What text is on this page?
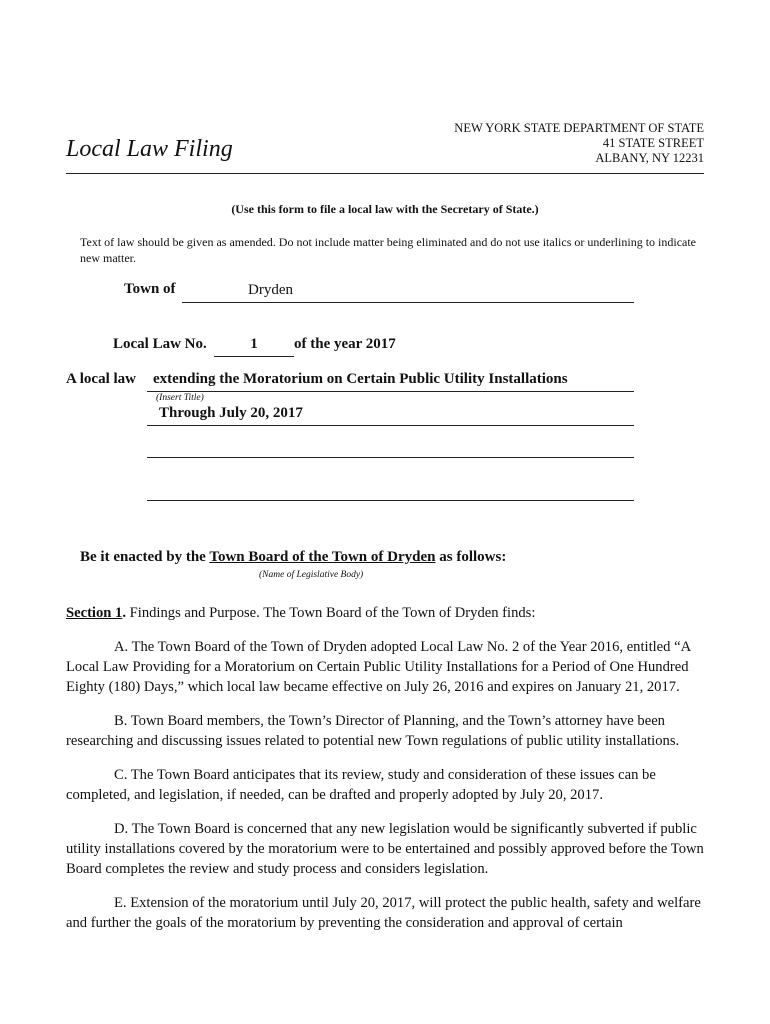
Local Law Filing
NEW YORK STATE DEPARTMENT OF STATE
41 STATE STREET
ALBANY, NY 12231
(Use this form to file a local law with the Secretary of State.)
Text of law should be given as amended. Do not include matter being eliminated and do not use italics or underlining to indicate new matter.
Town of	Dryden
Local Law No.	1	of the year 2017
A local law	extending the Moratorium on Certain Public Utility Installations
(Insert Title)
Through July 20, 2017
Be it enacted by the Town Board of the Town of Dryden as follows:
(Name of Legislative Body)

Section 1. Findings and Purpose. The Town Board of the Town of Dryden finds:

A. The Town Board of the Town of Dryden adopted Local Law No. 2 of the Year 2016, entitled “A Local Law Providing for a Moratorium on Certain Public Utility Installations for a Period of One Hundred Eighty (180) Days,” which local law became effective on July 26, 2016 and expires on January 21, 2017.

B. Town Board members, the Town’s Director of Planning, and the Town’s attorney have been researching and discussing issues related to potential new Town regulations of public utility installations.

C. The Town Board anticipates that its review, study and consideration of these issues can be completed, and legislation, if needed, can be drafted and properly adopted by July 20, 2017.

D. The Town Board is concerned that any new legislation would be significantly subverted if public utility installations covered by the moratorium were to be entertained and possibly approved before the Town Board completes the review and study process and considers legislation.

E. Extension of the moratorium until July 20, 2017, will protect the public health, safety and welfare and further the goals of the moratorium by preventing the consideration and approval of certain
